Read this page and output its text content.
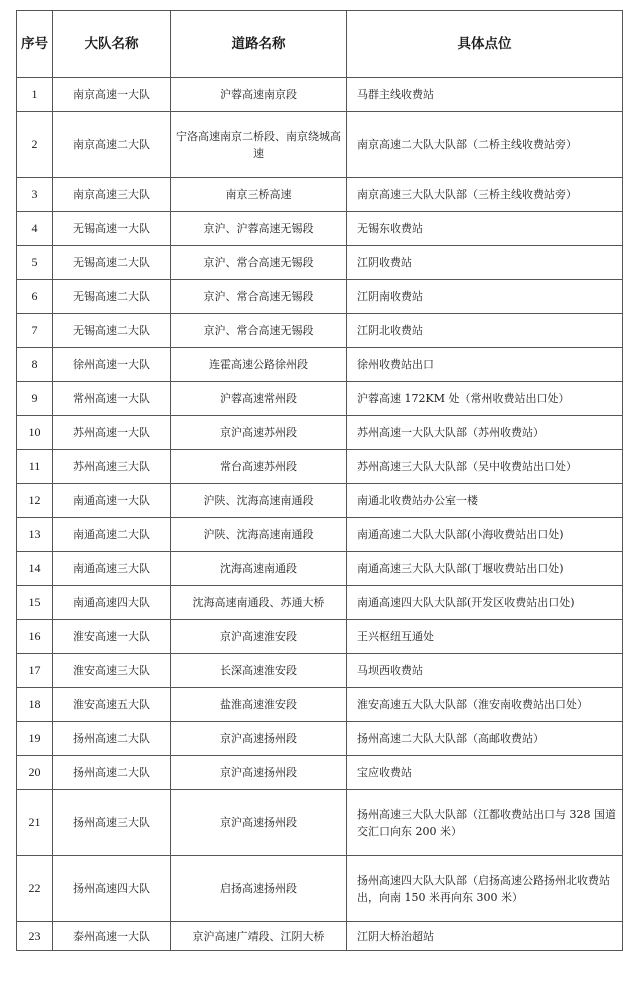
序号	大队名称	道路名称	具体点位
1	南京高速一大队	沪蓉高速南京段	马群主线收费站
2	南京高速二大队	宁洛高速南京二桥段、南京绕城高速	南京高速二大队大队部（二桥主线收费站旁）
3	南京高速三大队	南京三桥高速	南京高速三大队大队部（三桥主线收费站旁）
4	无锡高速一大队	京沪、沪蓉高速无锡段	无锡东收费站
5	无锡高速二大队	京沪、常合高速无锡段	江阴收费站
6	无锡高速二大队	京沪、常合高速无锡段	江阴南收费站
7	无锡高速二大队	京沪、常合高速无锡段	江阴北收费站
8	徐州高速一大队	连霍高速公路徐州段	徐州收费站出口
9	常州高速一大队	沪蓉高速常州段	沪蓉高速 172KM 处（常州收费站出口处）
10	苏州高速一大队	京沪高速苏州段	苏州高速一大队大队部（苏州收费站）
11	苏州高速三大队	常台高速苏州段	苏州高速三大队大队部（吴中收费站出口处）
12	南通高速一大队	沪陕、沈海高速南通段	南通北收费站办公室一楼
13	南通高速二大队	沪陕、沈海高速南通段	南通高速二大队大队部(小海收费站出口处)
14	南通高速三大队	沈海高速南通段	南通高速三大队大队部(丁堰收费站出口处)
15	南通高速四大队	沈海高速南通段、苏通大桥	南通高速四大队大队部(开发区收费站出口处)
16	淮安高速一大队	京沪高速淮安段	王兴枢纽互通处
17	淮安高速三大队	长深高速淮安段	马坝西收费站
18	淮安高速五大队	盐淮高速淮安段	淮安高速五大队大队部（淮安南收费站出口处）
19	扬州高速二大队	京沪高速扬州段	扬州高速二大队大队部（高邮收费站）
20	扬州高速二大队	京沪高速扬州段	宝应收费站
21	扬州高速三大队	京沪高速扬州段	扬州高速三大队大队部（江都收费站出口与 328 国道交汇口向东 200 米）
22	扬州高速四大队	启扬高速扬州段	扬州高速四大队大队部（启扬高速公路扬州北收费站出，向南 150 米再向东 300 米）
23	泰州高速一大队	京沪高速广靖段、江阴大桥	江阴大桥治超站
